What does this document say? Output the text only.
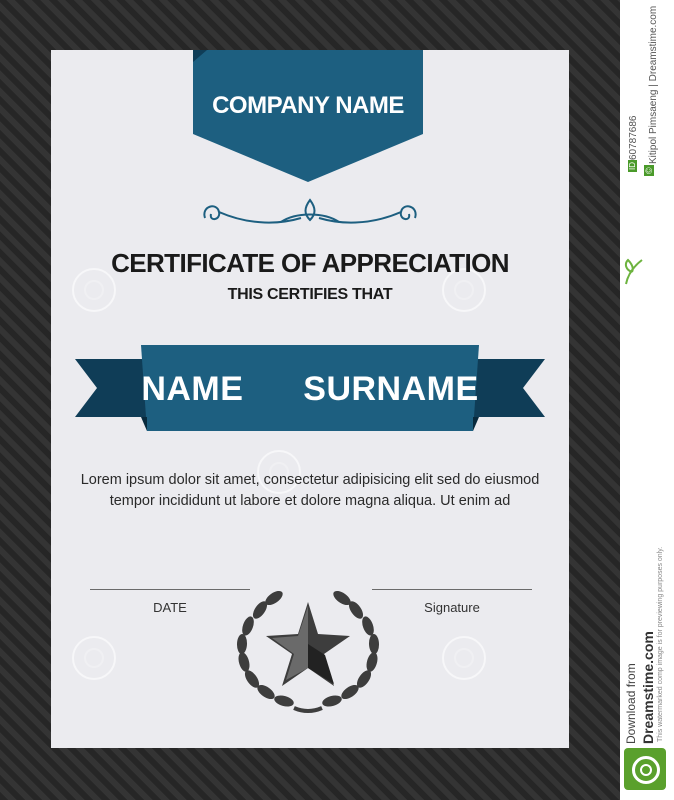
COMPANY NAME
CERTIFICATE OF APPRECIATION
THIS CERTIFIES THAT
NAME   SURNAME
Lorem ipsum dolor sit amet, consectetur adipisicing elit sed do eiusmod
tempor incididunt ut labore et dolore magna aliqua. Ut enim ad
DATE	Signature
ID
60787686
©
Kitipol Pimsaeng | Dreamstime.com
This watermarked comp image is for previewing purposes only.
Download from Dreamstime.com
